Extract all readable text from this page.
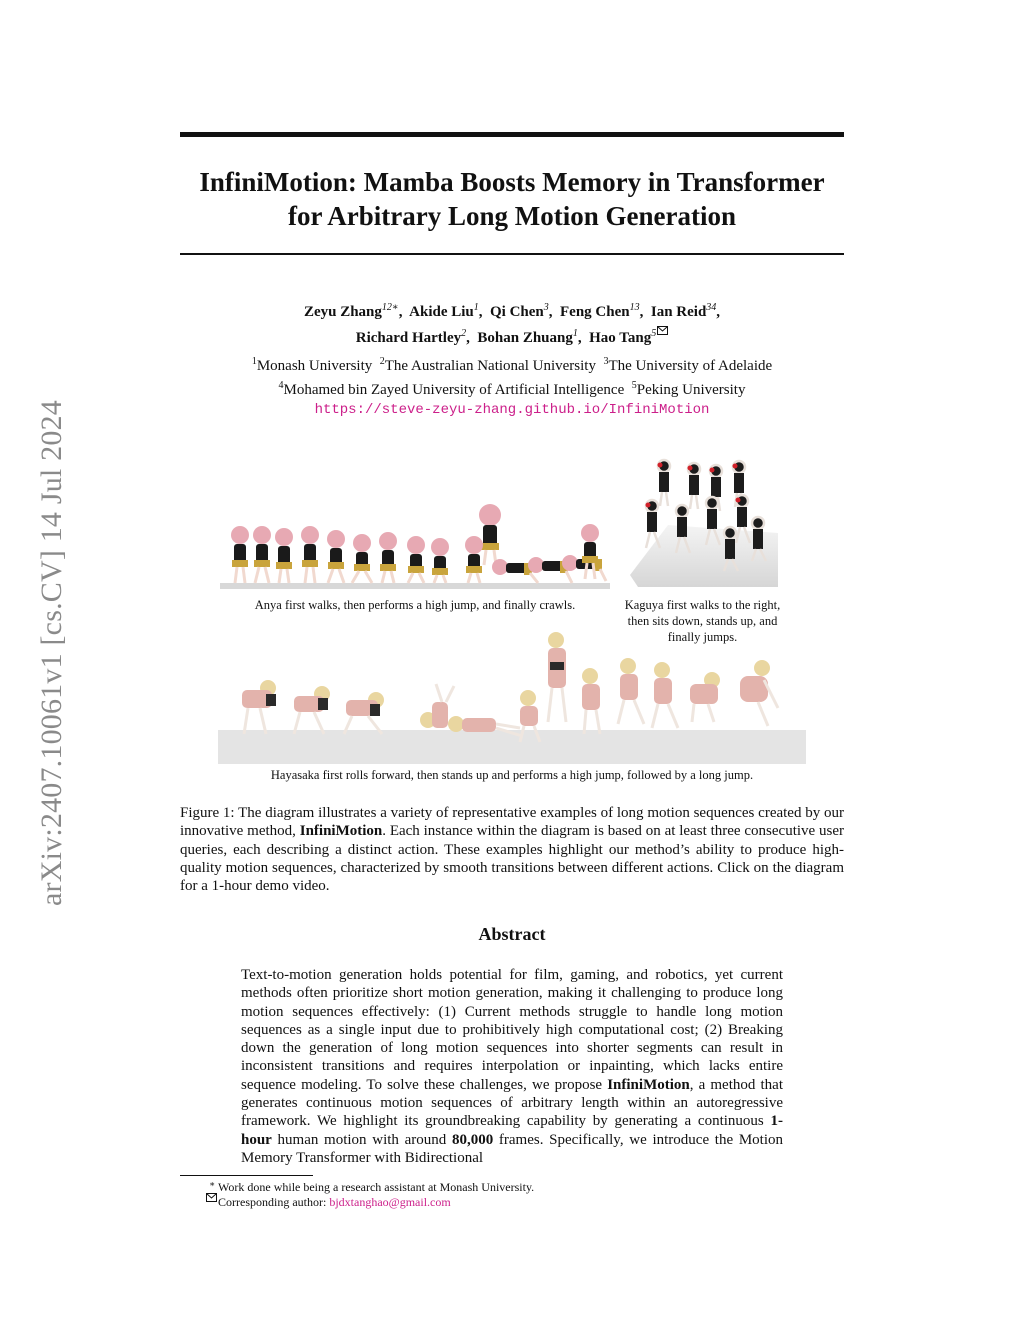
arXiv:2407.10061v1 [cs.CV] 14 Jul 2024
InfiniMotion: Mamba Boosts Memory in Transformer
for Arbitrary Long Motion Generation
Zeyu Zhang$^{12∗}$,  Akide Liu$^1$,  Qi Chen$^3$,  Feng Chen$^{13}$,  Ian Reid$^{34}$,
Richard Hartley$^2$,  Bohan Zhuang$^1$,  Hao Tang$^5$
$^1$Monash University $^2$The Australian National University $^3$The University of Adelaide
$^4$Mohamed bin Zayed University of Artificial Intelligence $^5$Peking University
https://steve-zeyu-zhang.github.io/InfiniMotion
Anya first walks, then performs a high jump, and finally crawls.	Kaguya first walks to the right,
then sits down, stands up, and
finally jumps.
Hayasaka first rolls forward, then stands up and performs a high jump, followed by a long jump.
Figure 1: The diagram illustrates a variety of representative examples of long motion sequences created by our innovative method, InfiniMotion. Each instance within the diagram is based on at least three consecutive user queries, each describing a distinct action. These examples highlight our method’s ability to produce high-quality motion sequences, characterized by smooth transitions between different actions. Click on the diagram for a 1-hour demo video.
Abstract
Text-to-motion generation holds potential for film, gaming, and robotics, yet current methods often prioritize short motion generation, making it challenging to produce long motion sequences effectively: (1) Current methods struggle to handle long motion sequences as a single input due to prohibitively high computational cost; (2) Breaking down the generation of long motion sequences into shorter segments can result in inconsistent transitions and requires interpolation or inpainting, which lacks entire sequence modeling. To solve these challenges, we propose InfiniMotion, a method that generates continuous motion sequences of arbitrary length within an autoregressive framework. We highlight its groundbreaking capability by generating a continuous 1-hour human motion with around 80,000 frames. Specifically, we introduce the Motion Memory Transformer with Bidirectional
∗ Work done while being a research assistant at Monash University.
Corresponding author: bjdxtanghao@gmail.com
